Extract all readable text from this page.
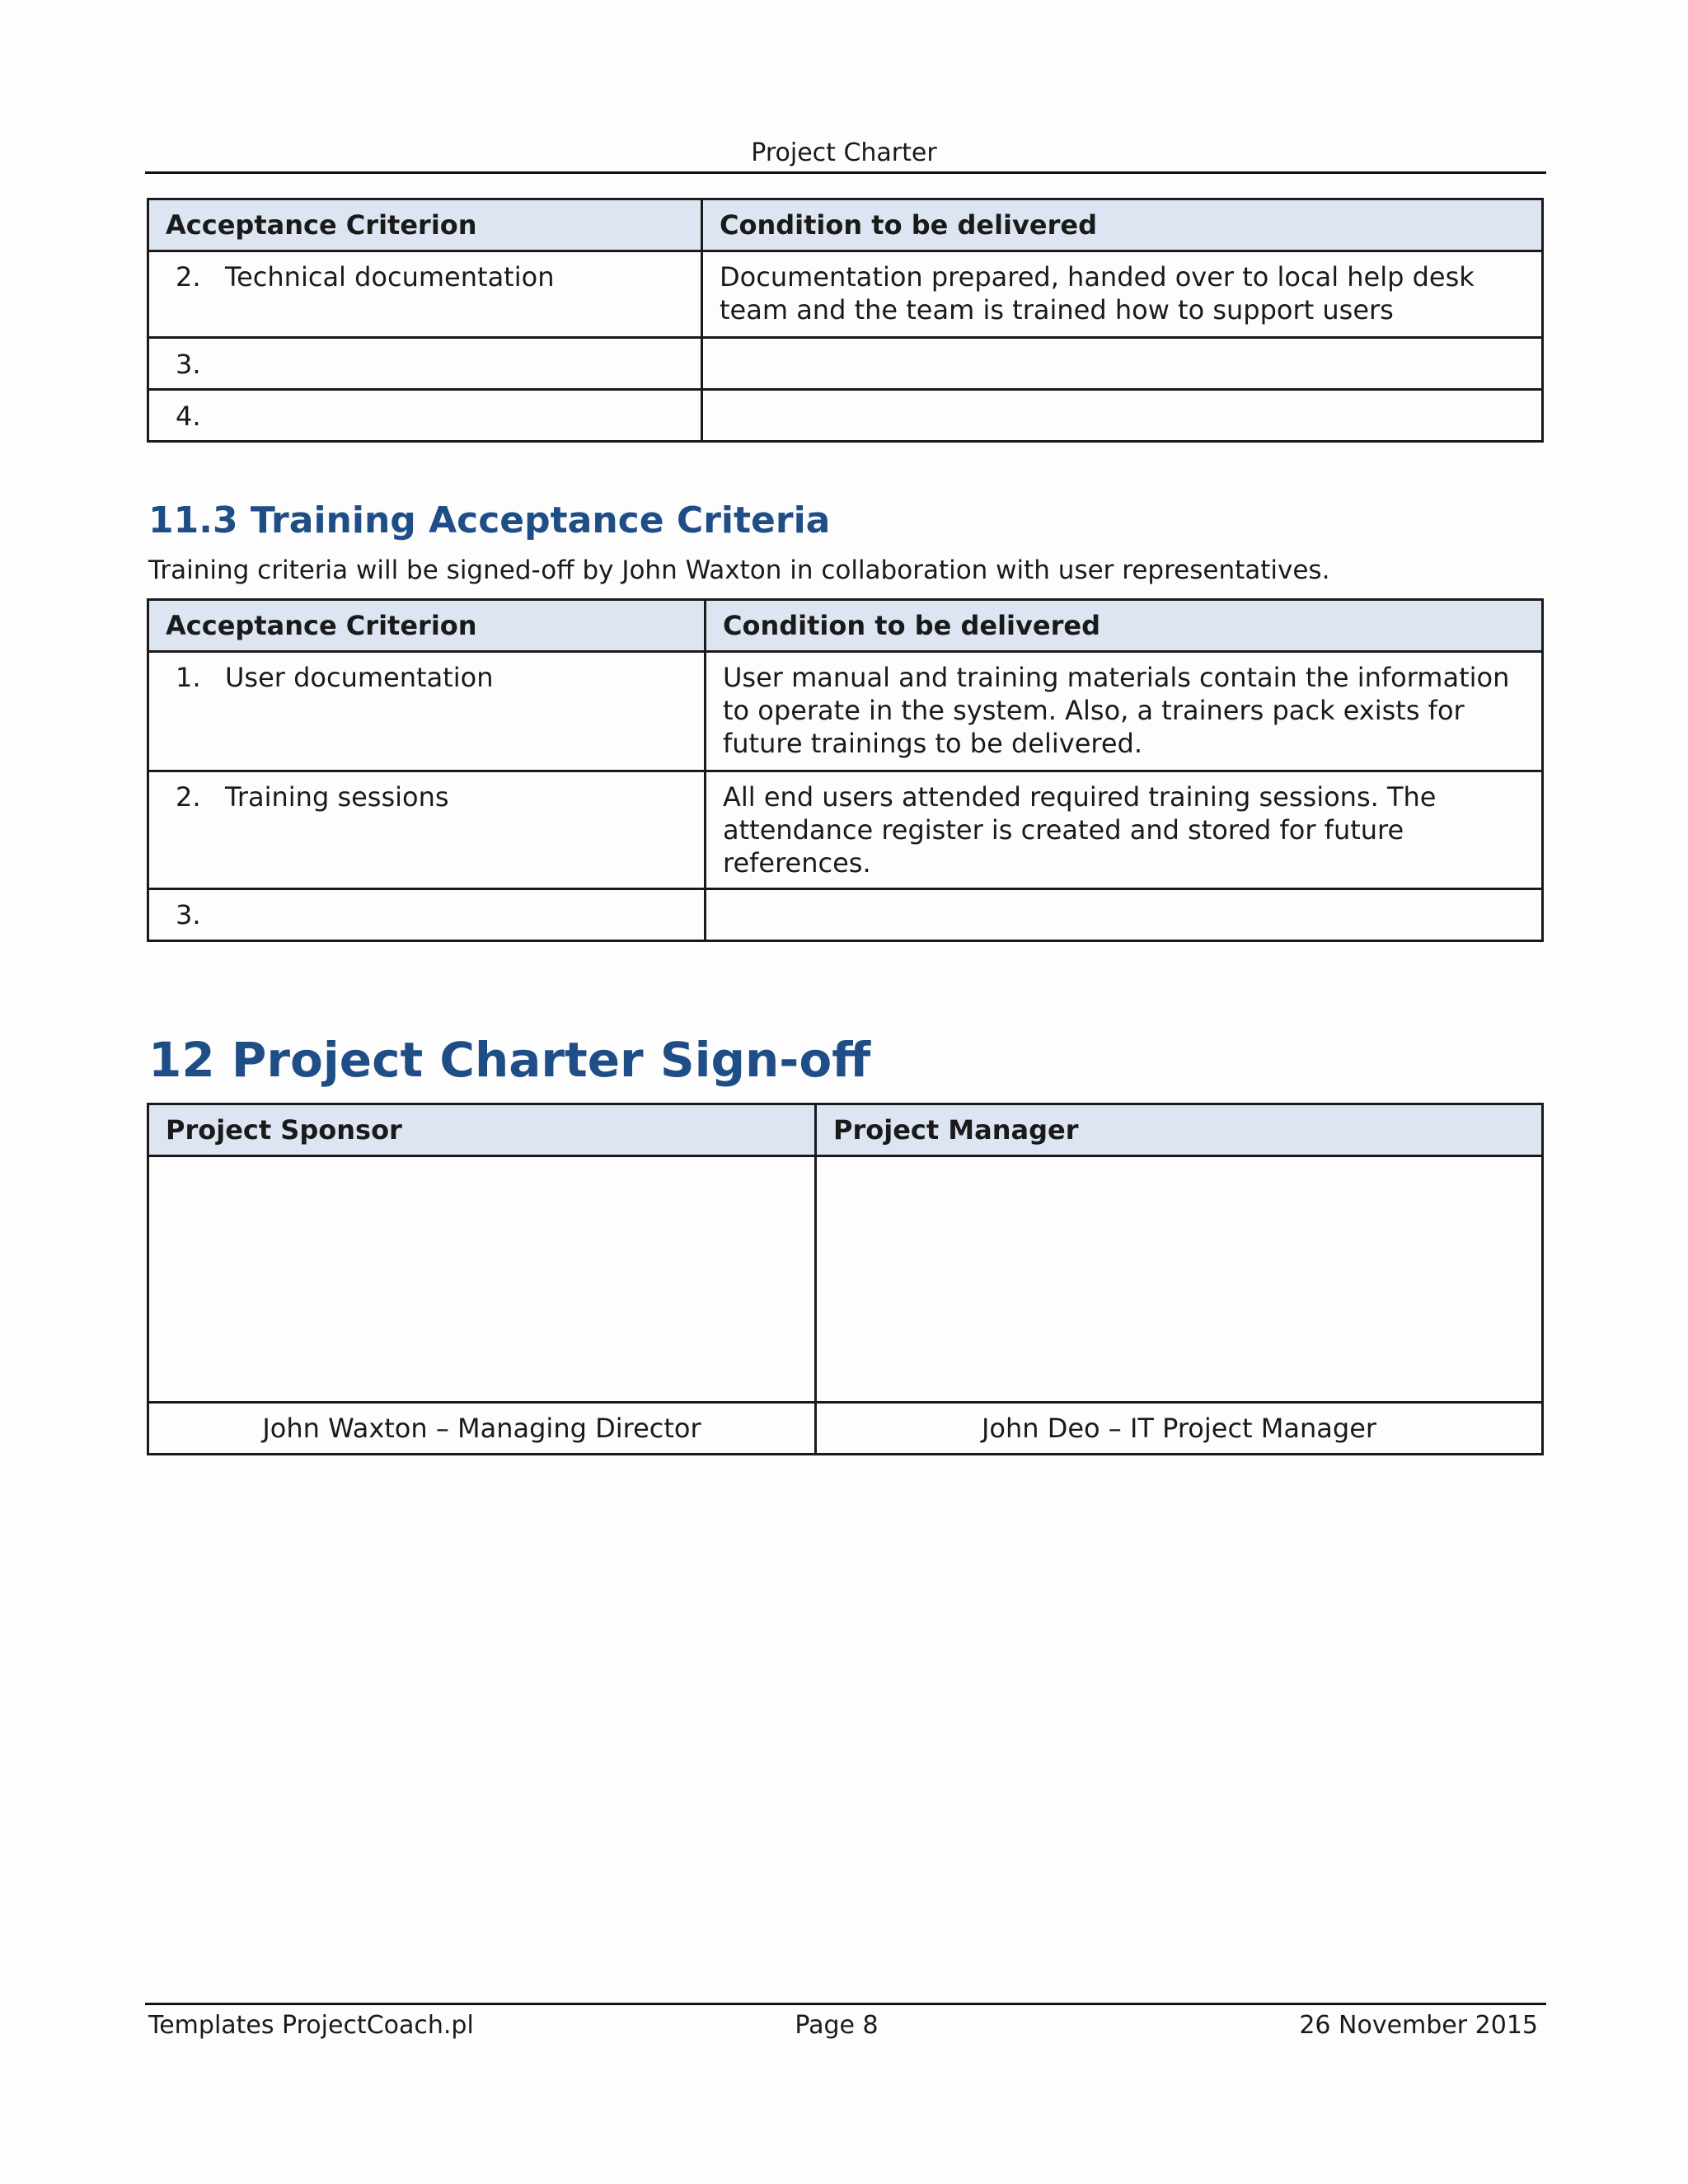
Project Charter
Acceptance Criterion	Condition to be delivered
2. Technical documentation	Documentation prepared, handed over to local help desk team and the team is trained how to support users
3.	
4.	
11.3 Training Acceptance Criteria

Training criteria will be signed-off by John Waxton in collaboration with user representatives.

Acceptance Criterion	Condition to be delivered
1. User documentation	User manual and training materials contain the information to operate in the system. Also, a trainers pack exists for future trainings to be delivered.
2. Training sessions	All end users attended required training sessions. The attendance register is created and stored for future references.
3.	
12 Project Charter Sign-off
Project Sponsor	Project Manager

John Waxton – Managing Director	John Deo – IT Project Manager
Templates ProjectCoach.pl	Page 8	26 November 2015
